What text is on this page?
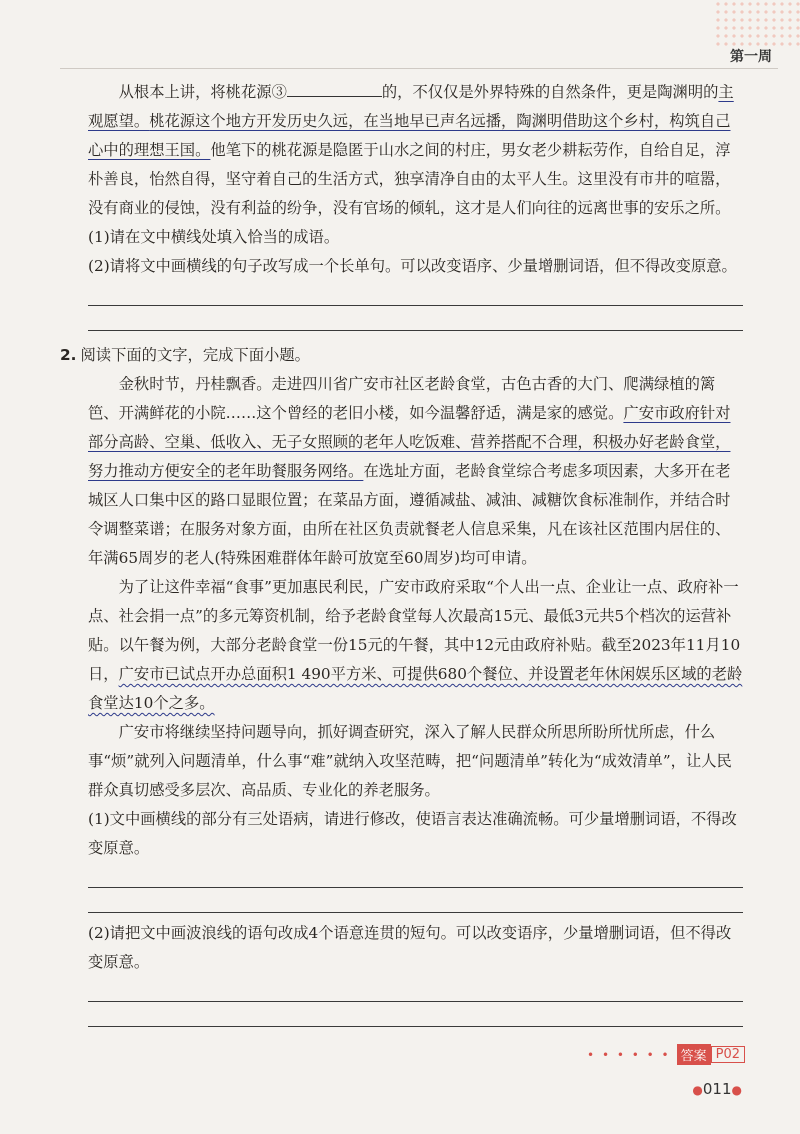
第一周

从根本上讲，将桃花源③	的，不仅仅是外界特殊的自然条件，更是陶渊明的主观愿望。桃花源这个地方开发历史久远，在当地早已声名远播，陶渊明借助这个乡村，构筑自己心中的理想王国。他笔下的桃花源是隐匿于山水之间的村庄，男女老少耕耘劳作，自给自足，淳朴善良，怡然自得，坚守着自己的生活方式，独享清净自由的太平人生。这里没有市井的喧嚣，没有商业的侵蚀，没有利益的纷争，没有官场的倾轧，这才是人们向往的远离世事的安乐之所。

(1)请在文中横线处填入恰当的成语。

(2)请将文中画横线的句子改写成一个长单句。可以改变语序、少量增删词语，但不得改变原意。

2. 阅读下面的文字，完成下面小题。

金秋时节，丹桂飘香。走进四川省广安市社区老龄食堂，古色古香的大门、爬满绿植的篱笆、开满鲜花的小院……这个曾经的老旧小楼，如今温馨舒适，满是家的感觉。广安市政府针对部分高龄、空巢、低收入、无子女照顾的老年人吃饭难、营养搭配不合理，积极办好老龄食堂，努力推动方便安全的老年助餐服务网络。在选址方面，老龄食堂综合考虑多项因素，大多开在老城区人口集中区的路口显眼位置；在菜品方面，遵循减盐、减油、减糖饮食标准制作，并结合时令调整菜谱；在服务对象方面，由所在社区负责就餐老人信息采集，凡在该社区范围内居住的、年满65周岁的老人(特殊困难群体年龄可放宽至60周岁)均可申请。

为了让这件幸福“食事”更加惠民利民，广安市政府采取“个人出一点、企业让一点、政府补一点、社会捐一点”的多元筹资机制，给予老龄食堂每人次最高15元、最低3元共5个档次的运营补贴。以午餐为例，大部分老龄食堂一份15元的午餐，其中12元由政府补贴。截至2023年11月10日，广安市已试点开办总面积1 490平方米、可提供680个餐位、并设置老年休闲娱乐区域的老龄食堂达10个之多。

广安市将继续坚持问题导向，抓好调查研究，深入了解人民群众所思所盼所忧所虑，什么事“烦”就列入问题清单，什么事“难”就纳入攻坚范畴，把“问题清单”转化为“成效清单”，让人民群众真切感受多层次、高品质、专业化的养老服务。

(1)文中画横线的部分有三处语病，请进行修改，使语言表达准确流畅。可少量增删词语，不得改变原意。

(2)请把文中画波浪线的语句改成4个语意连贯的短句。可以改变语序，少量增删词语，但不得改变原意。

• • • • • • 答案 P02
●011●
